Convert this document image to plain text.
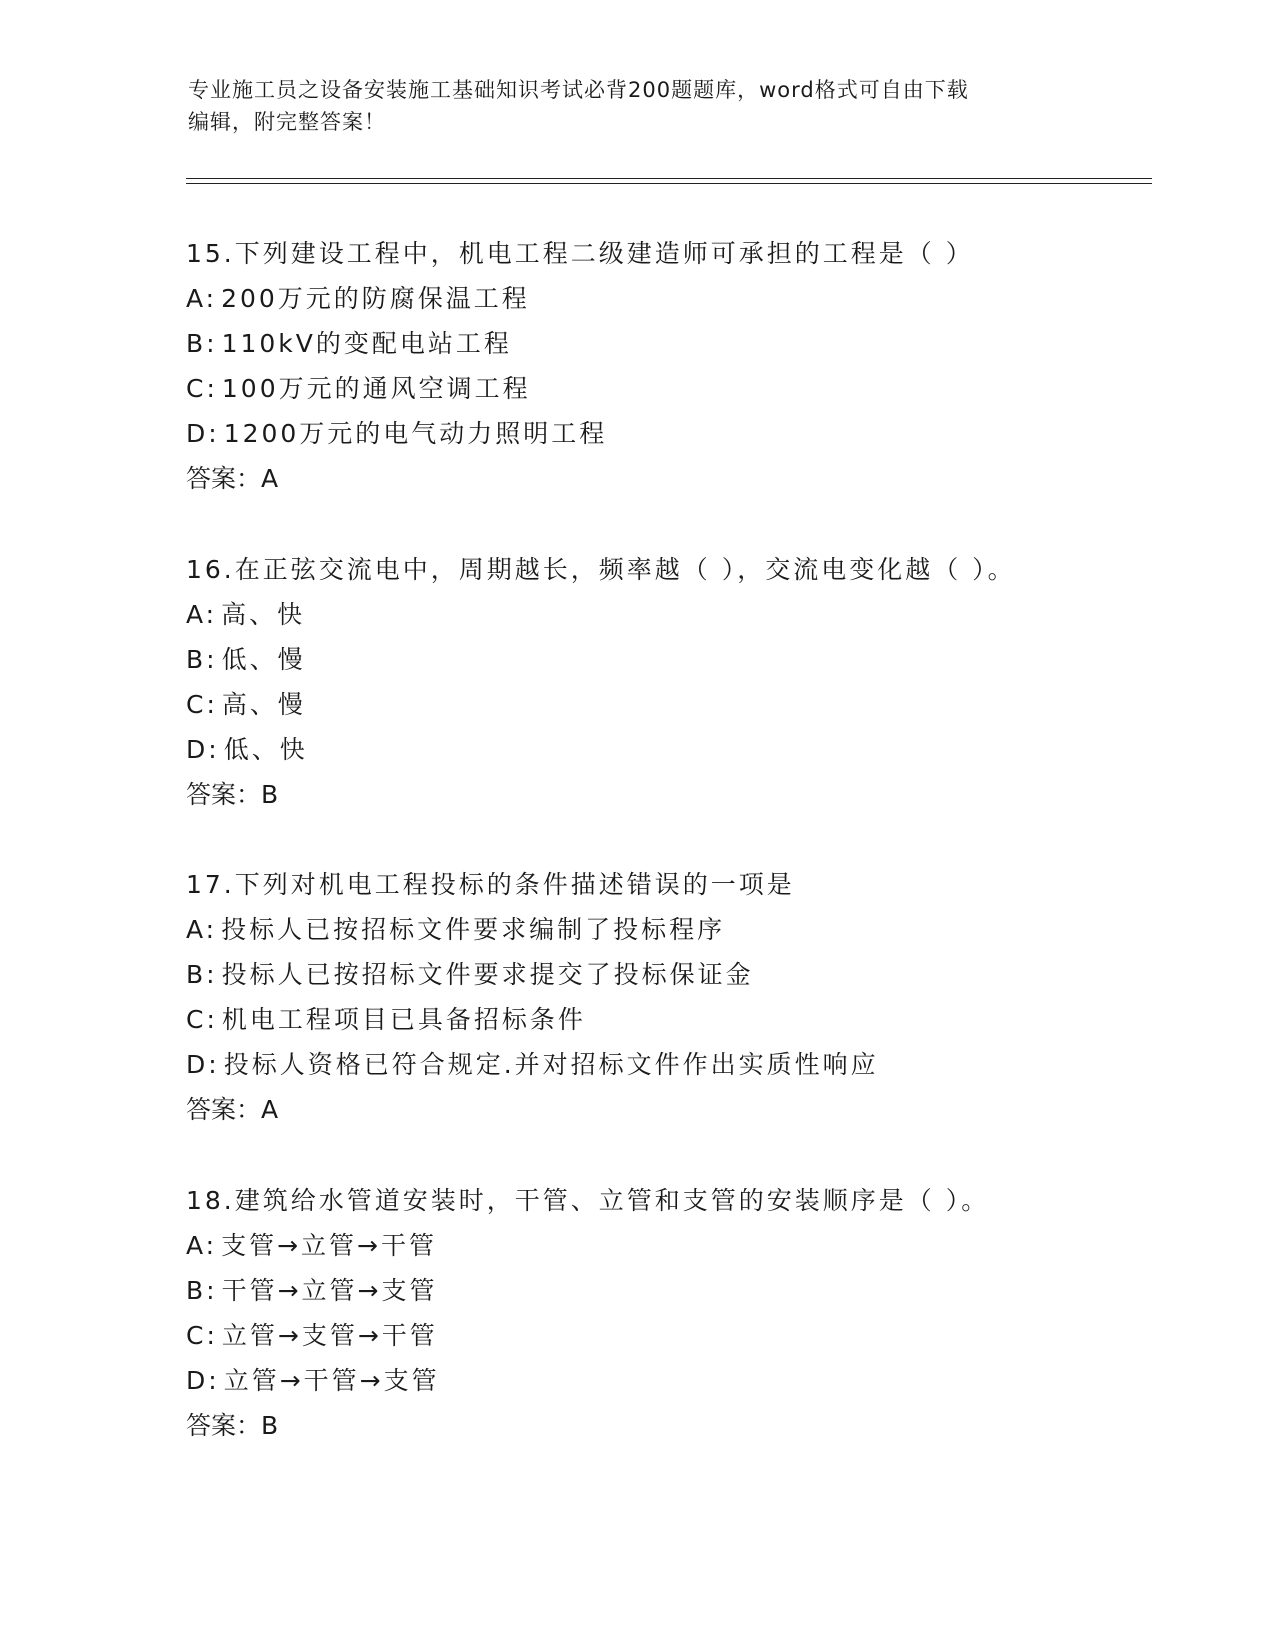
专业施工员之设备安装施工基础知识考试必背200题题库，word格式可自由下载
编辑，附完整答案！
15.下列建设工程中，机电工程二级建造师可承担的工程是（ ）
A: 200万元的防腐保温工程
B: 110kV的变配电站工程
C: 100万元的通风空调工程
D: 1200万元的电气动力照明工程
答案：A
16.在正弦交流电中，周期越长，频率越（ ），交流电变化越（ ）。
A: 高、快
B: 低、慢
C: 高、慢
D: 低、快
答案：B
17.下列对机电工程投标的条件描述错误的一项是
A: 投标人已按招标文件要求编制了投标程序
B: 投标人已按招标文件要求提交了投标保证金
C: 机电工程项目已具备招标条件
D: 投标人资格已符合规定.并对招标文件作出实质性响应
答案：A
18.建筑给水管道安装时，干管、立管和支管的安装顺序是（ ）。
A: 支管→立管→干管
B: 干管→立管→支管
C: 立管→支管→干管
D: 立管→干管→支管
答案：B
